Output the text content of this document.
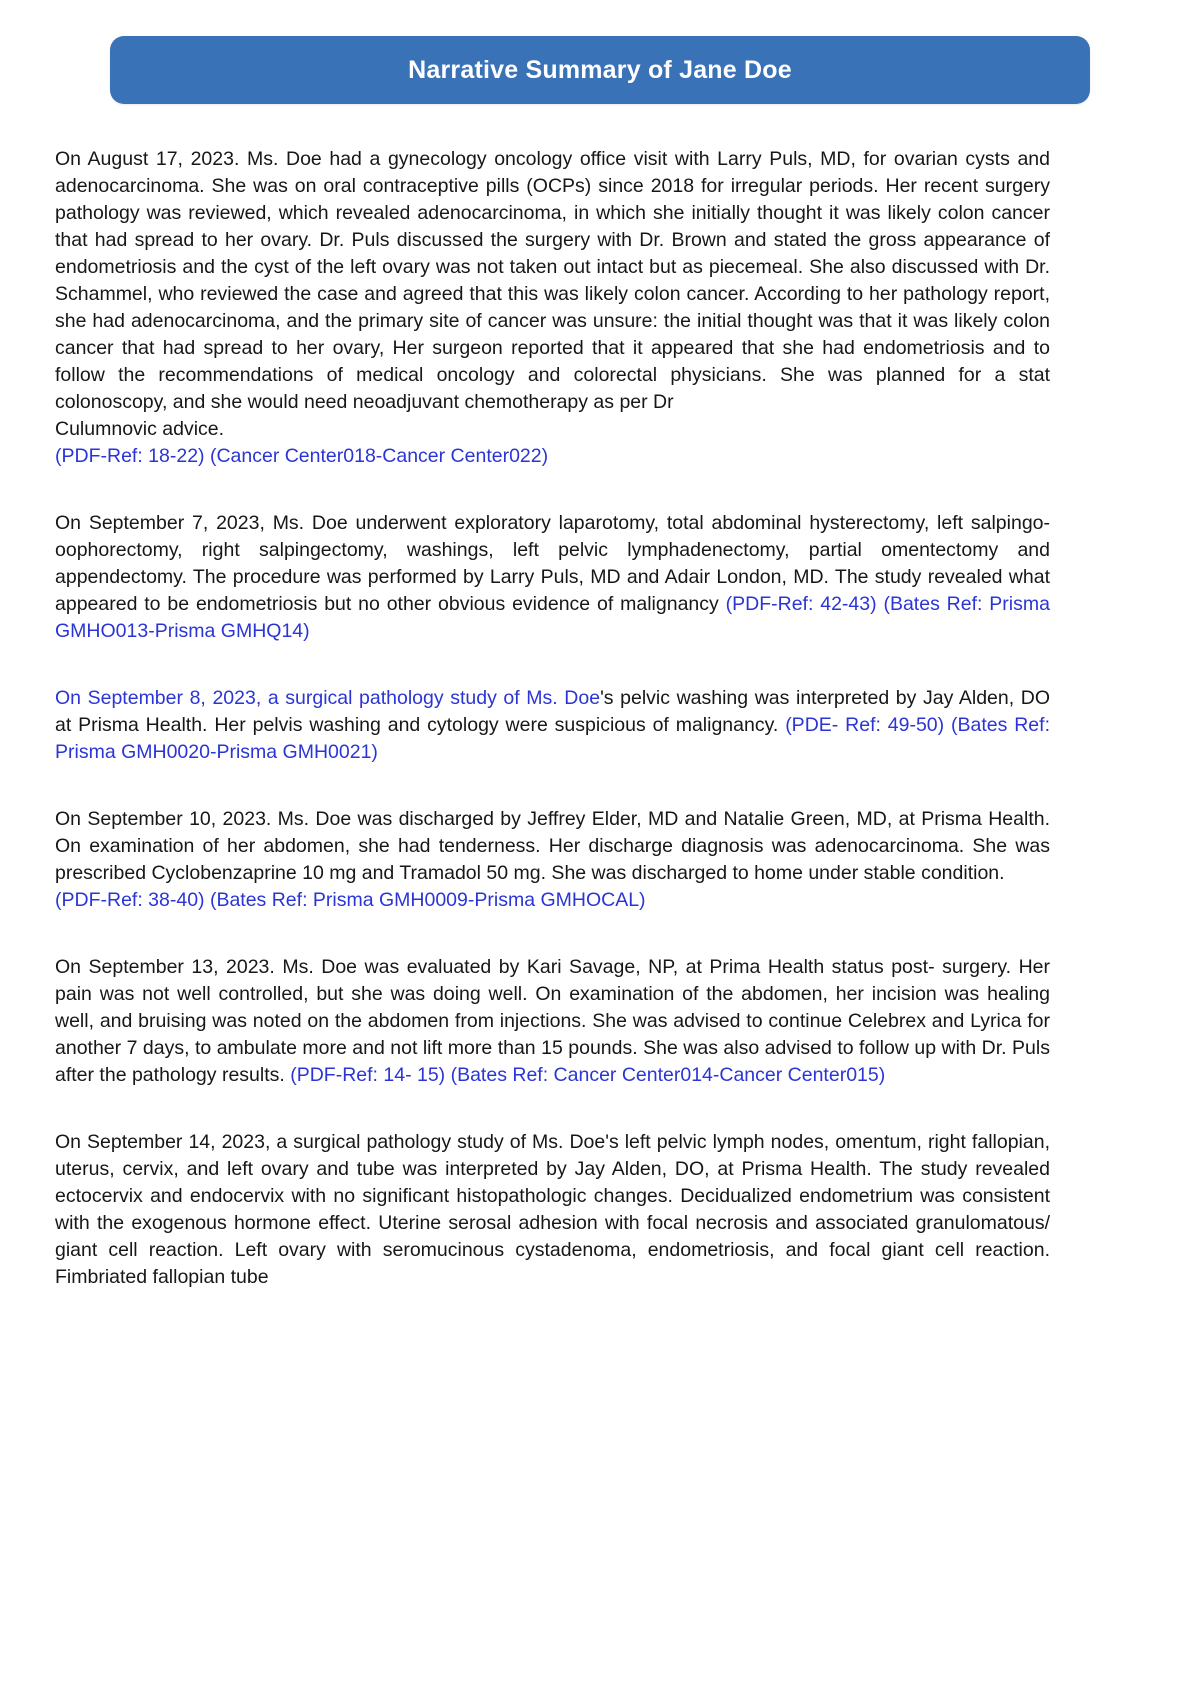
Narrative Summary of Jane Doe

On August 17, 2023. Ms. Doe had a gynecology oncology office visit with Larry Puls, MD, for ovarian cysts and adenocarcinoma. She was on oral contraceptive pills (OCPs) since 2018 for irregular periods. Her recent surgery pathology was reviewed, which revealed adenocarcinoma, in which she initially thought it was likely colon cancer that had spread to her ovary. Dr. Puls discussed the surgery with Dr. Brown and stated the gross appearance of endometriosis and the cyst of the left ovary was not taken out intact but as piecemeal. She also discussed with Dr. Schammel, who reviewed the case and agreed that this was likely colon cancer. According to her pathology report, she had adenocarcinoma, and the primary site of cancer was unsure: the initial thought was that it was likely colon cancer that had spread to her ovary, Her surgeon reported that it appeared that she had endometriosis and to follow the recommendations of medical oncology and colorectal physicians. She was planned for a stat colonoscopy, and she would need neoadjuvant chemotherapy as per Dr

Culumnovic advice.

(PDF-Ref: 18-22) (Cancer Center018-Cancer Center022)

On September 7, 2023, Ms. Doe underwent exploratory laparotomy, total abdominal hysterectomy, left salpingo-oophorectomy, right salpingectomy, washings, left pelvic lymphadenectomy, partial omentectomy and appendectomy. The procedure was performed by Larry Puls, MD and Adair London, MD. The study revealed what appeared to be endometriosis but no other obvious evidence of malignancy (PDF-Ref: 42-43) (Bates Ref: Prisma GMHO013-Prisma GMHQ14)

On September 8, 2023, a surgical pathology study of Ms. Doe's pelvic washing was interpreted by Jay Alden, DO at Prisma Health. Her pelvis washing and cytology were suspicious of malignancy. (PDE- Ref: 49-50) (Bates Ref: Prisma GMH0020-Prisma GMH0021)

On September 10, 2023. Ms. Doe was discharged by Jeffrey Elder, MD and Natalie Green, MD, at Prisma Health. On examination of her abdomen, she had tenderness. Her discharge diagnosis was adenocarcinoma. She was prescribed Cyclobenzaprine 10 mg and Tramadol 50 mg. She was discharged to home under stable condition.

(PDF-Ref: 38-40) (Bates Ref: Prisma GMH0009-Prisma GMHOCAL)

On September 13, 2023. Ms. Doe was evaluated by Kari Savage, NP, at Prima Health status post- surgery. Her pain was not well controlled, but she was doing well. On examination of the abdomen, her incision was healing well, and bruising was noted on the abdomen from injections. She was advised to continue Celebrex and Lyrica for another 7 days, to ambulate more and not lift more than 15 pounds. She was also advised to follow up with Dr. Puls after the pathology results. (PDF-Ref: 14- 15) (Bates Ref: Cancer Center014-Cancer Center015)

On September 14, 2023, a surgical pathology study of Ms. Doe's left pelvic lymph nodes, omentum, right fallopian, uterus, cervix, and left ovary and tube was interpreted by Jay Alden, DO, at Prisma Health. The study revealed ectocervix and endocervix with no significant histopathologic changes. Decidualized endometrium was consistent with the exogenous hormone effect. Uterine serosal adhesion with focal necrosis and associated granulomatous/ giant cell reaction. Left ovary with seromucinous cystadenoma, endometriosis, and focal giant cell reaction. Fimbriated fallopian tube
